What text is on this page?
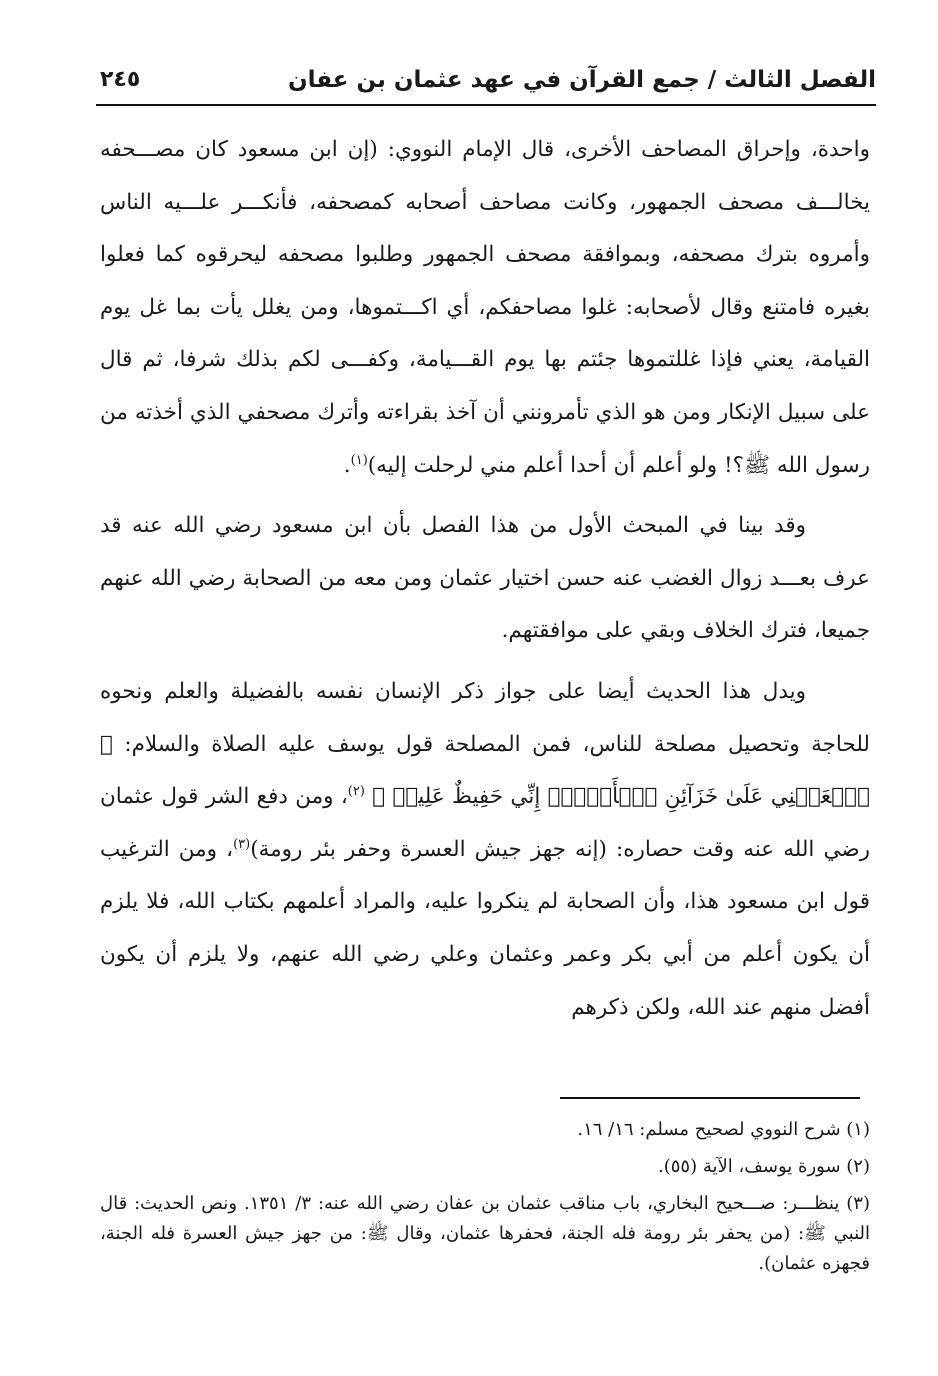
الفصل الثالث / جمع القرآن في عهد عثمان بن عفان
٢٤٥

واحدة، وإحراق المصاحف الأخرى، قال الإمام النووي: (إن ابن مسعود كان مصـــحفه يخالـــف مصحف الجمهور، وكانت مصاحف أصحابه كمصحفه، فأنكـــر علـــيه الناس وأمروه بترك مصحفه، وبموافقة مصحف الجمهور وطلبوا مصحفه ليحرقوه كما فعلوا بغيره فامتنع وقال لأصحابه: غلوا مصاحفكم، أي اكـــتموها، ومن يغلل يأت بما غل يوم القيامة، يعني فإذا غللتموها جئتم بها يوم القـــيامة، وكفـــى لكم بذلك شرفا، ثم قال على سبيل الإنكار ومن هو الذي تأمرونني أن آخذ بقراءته وأترك مصحفي الذي أخذته من رسول الله ﷺ؟! ولو أعلم أن أحدا أعلم مني لرحلت إليه)$^{(١)}$.

وقد بينا في المبحث الأول من هذا الفصل بأن ابن مسعود رضي الله عنه قد عرف بعـــد زوال الغضب عنه حسن اختيار عثمان ومن معه من الصحابة رضي الله عنهم جميعا، فترك الخلاف وبقي على موافقتهم.

ويدل هذا الحديث أيضا على جواز ذكر الإنسان نفسه بالفضيلة والعلم ونحوه للحاجة وتحصيل مصلحة للناس، فمن المصلحة قول يوسف عليه الصلاة والسلام: ﴿ ٱجۡعَلۡنِي عَلَىٰ خَزَآئِنِ ٱلۡأَرۡضِۖ إِنِّي حَفِيظٌ عَلِيمٞ ﴾ $^{(٢)}$، ومن دفع الشر قول عثمان رضي الله عنه وقت حصاره: (إنه جهز جيش العسرة وحفر بئر رومة)$^{(٣)}$، ومن الترغيب قول ابن مسعود هذا، وأن الصحابة لم ينكروا عليه، والمراد أعلمهم بكتاب الله، فلا يلزم أن يكون أعلم من أبي بكر وعمر وعثمان وعلي رضي الله عنهم، ولا يلزم أن يكون أفضل منهم عند الله، ولكن ذكرهم

(١) شرح النووي لصحيح مسلم: ١٦/ ١٦.

(٢) سورة يوسف، الآية (٥٥).

(٣) ينظـــر: صـــحيح البخاري، باب مناقب عثمان بن عفان رضي الله عنه: ٣/ ١٣٥١. ونص الحديث: قال النبي ﷺ: (من يحفر بئر رومة فله الجنة، فحفرها عثمان، وقال ﷺ: من جهز جيش العسرة فله الجنة، فجهزه عثمان).
